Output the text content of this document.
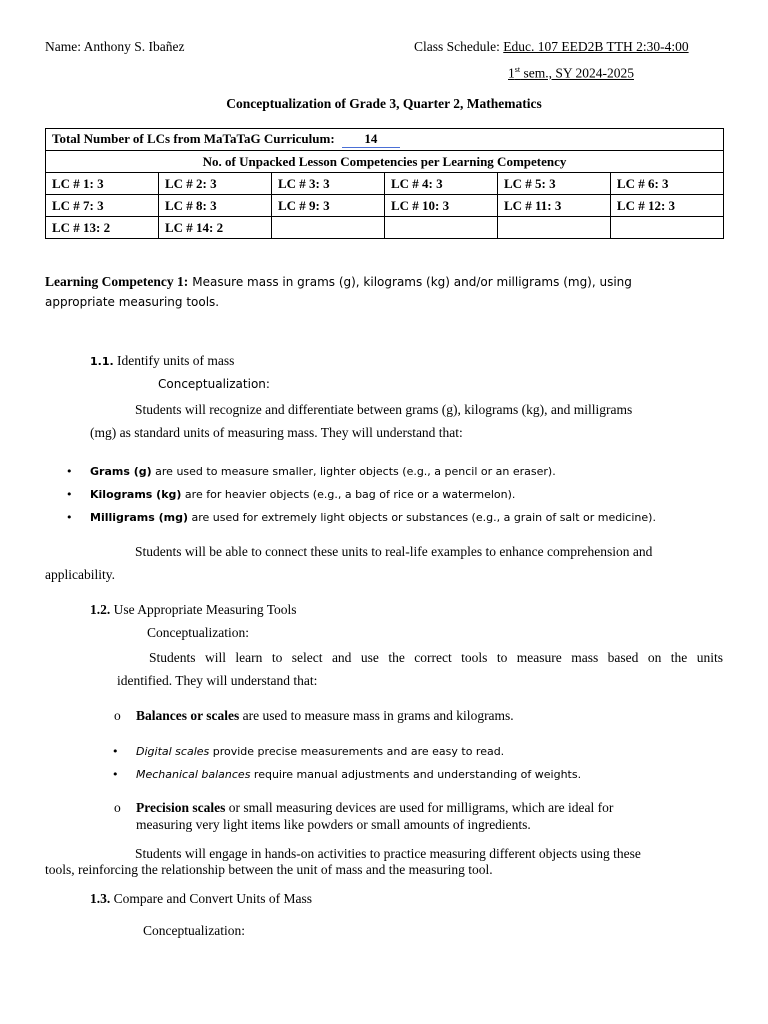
Name: Anthony S. Ibañez	Class Schedule: Educ. 107 EED2B TTH 2:30-4:00
1st sem., SY 2024-2025
Conceptualization of Grade 3, Quarter 2, Mathematics
Total Number of LCs from MaTaTaG Curriculum: 14					
No. of Unpacked Lesson Competencies per Learning Competency					
LC # 1: 3	LC # 2: 3	LC # 3: 3	LC # 4: 3	LC # 5: 3	LC # 6: 3
LC # 7: 3	LC # 8: 3	LC # 9: 3	LC # 10: 3	LC # 11: 3	LC # 12: 3
LC # 13: 2	LC # 14: 2				
Learning Competency 1: Measure mass in grams (g), kilograms (kg) and/or milligrams (mg), using
appropriate measuring tools.
1.1. Identify units of mass
Conceptualization:
Students will recognize and differentiate between grams (g), kilograms (kg), and milligrams
(mg) as standard units of measuring mass. They will understand that:
• Grams (g) are used to measure smaller, lighter objects (e.g., a pencil or an eraser).
• Kilograms (kg) are for heavier objects (e.g., a bag of rice or a watermelon).
• Milligrams (mg) are used for extremely light objects or substances (e.g., a grain of salt or medicine).
Students will be able to connect these units to real-life examples to enhance comprehension and
applicability.
1.2. Use Appropriate Measuring Tools
Conceptualization:
Students will learn to select and use the correct tools to measure mass based on the units
identified. They will understand that:
o Balances or scales are used to measure mass in grams and kilograms.
• Digital scales provide precise measurements and are easy to read.
• Mechanical balances require manual adjustments and understanding of weights.
o Precision scales or small measuring devices are used for milligrams, which are ideal for
measuring very light items like powders or small amounts of ingredients.
Students will engage in hands-on activities to practice measuring different objects using these
tools, reinforcing the relationship between the unit of mass and the measuring tool.
1.3. Compare and Convert Units of Mass
Conceptualization:
